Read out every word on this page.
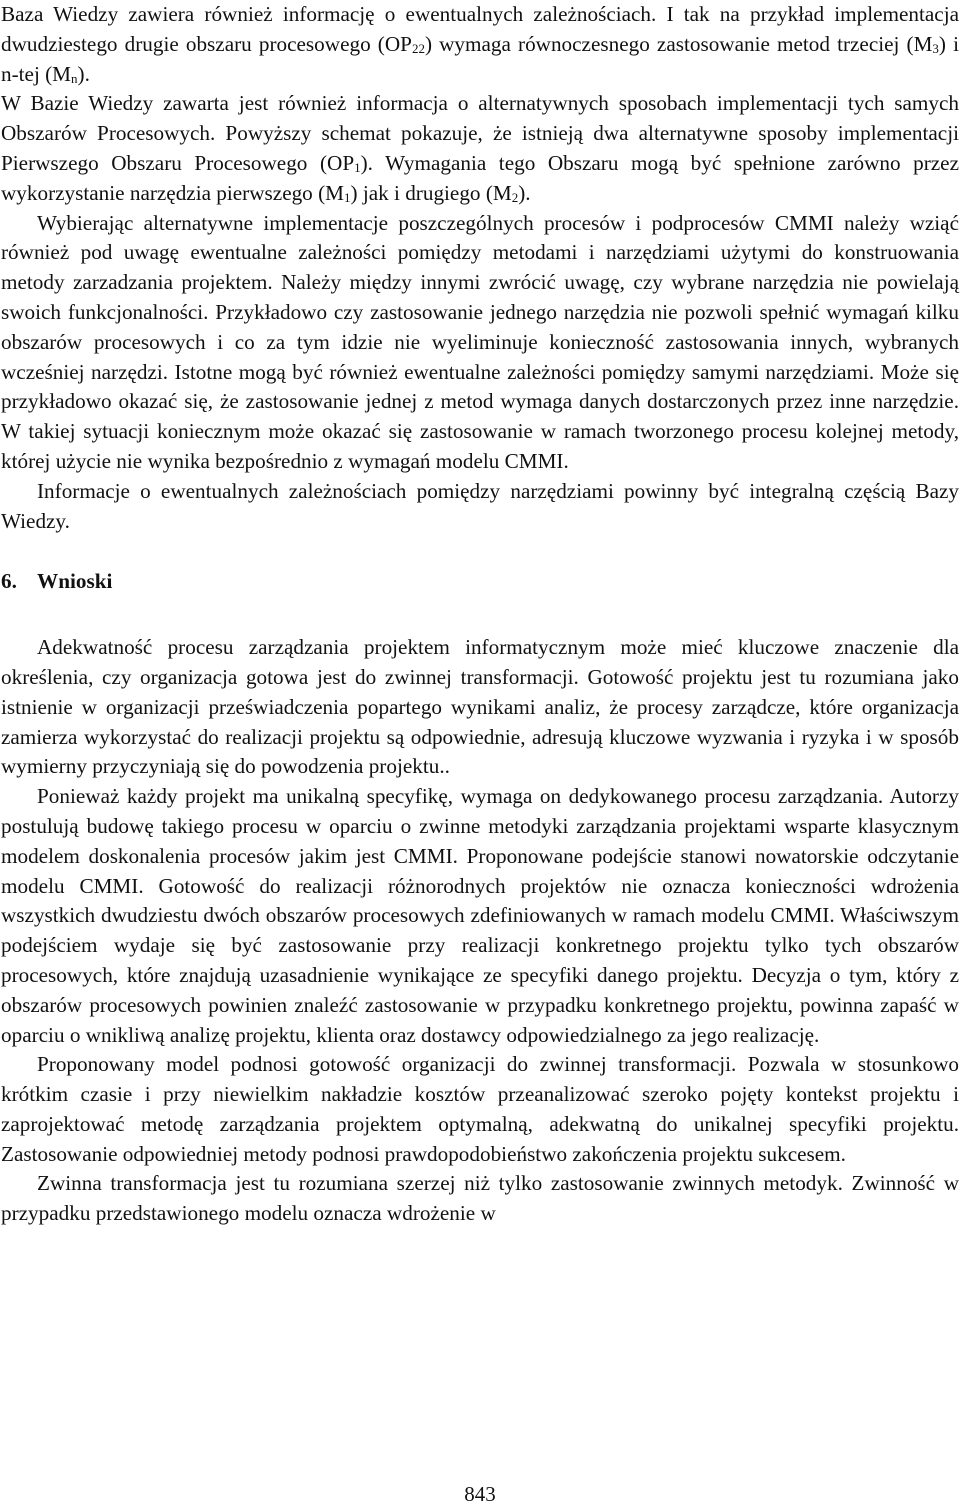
Baza Wiedzy zawiera również informację o ewentualnych zależnościach. I tak na przykład implementacja dwudziestego drugie obszaru procesowego $(OP_{22})$ wymaga równoczesnego zastosowanie metod trzeciej $(M_3)$ i n-tej $(M_n)$.

W Bazie Wiedzy zawarta jest również informacja o alternatywnych sposobach implementacji tych samych Obszarów Procesowych. Powyższy schemat pokazuje, że istnieją dwa alternatywne sposoby implementacji Pierwszego Obszaru Procesowego $(OP_1)$. Wymagania tego Obszaru mogą być spełnione zarówno przez wykorzystanie narzędzia pierwszego $(M_1)$ jak i drugiego $(M_2)$.

Wybierając alternatywne implementacje poszczególnych procesów i podprocesów CMMI należy wziąć również pod uwagę ewentualne zależności pomiędzy metodami i narzędziami użytymi do konstruowania metody zarzadzania projektem. Należy między innymi zwrócić uwagę, czy wybrane narzędzia nie powielają swoich funkcjonalności. Przykładowo czy zastosowanie jednego narzędzia nie pozwoli spełnić wymagań kilku obszarów procesowych i co za tym idzie nie wyeliminuje konieczność zastosowania innych, wybranych wcześniej narzędzi. Istotne mogą być również ewentualne zależności pomiędzy samymi narzędziami. Może się przykładowo okazać się, że zastosowanie jednej z metod wymaga danych dostarczonych przez inne narzędzie. W takiej sytuacji koniecznym może okazać się zastosowanie w ramach tworzonego procesu kolejnej metody, której użycie nie wynika bezpośrednio z wymagań modelu CMMI.

Informacje o ewentualnych zależnościach pomiędzy narzędziami powinny być integralną częścią Bazy Wiedzy.

6. Wnioski

Adekwatność procesu zarządzania projektem informatycznym może mieć kluczowe znaczenie dla określenia, czy organizacja gotowa jest do zwinnej transformacji. Gotowość projektu jest tu rozumiana jako istnienie w organizacji przeświadczenia popartego wynikami analiz, że procesy zarządcze, które organizacja zamierza wykorzystać do realizacji projektu są odpowiednie, adresują kluczowe wyzwania i ryzyka i w sposób wymierny przyczyniają się do powodzenia projektu..

Ponieważ każdy projekt ma unikalną specyfikę, wymaga on dedykowanego procesu zarządzania. Autorzy postulują budowę takiego procesu w oparciu o zwinne metodyki zarządzania projektami wsparte klasycznym modelem doskonalenia procesów jakim jest CMMI. Proponowane podejście stanowi nowatorskie odczytanie modelu CMMI. Gotowość do realizacji różnorodnych projektów nie oznacza konieczności wdrożenia wszystkich dwudziestu dwóch obszarów procesowych zdefiniowanych w ramach modelu CMMI. Właściwszym podejściem wydaje się być zastosowanie przy realizacji konkretnego projektu tylko tych obszarów procesowych, które znajdują uzasadnienie wynikające ze specyfiki danego projektu. Decyzja o tym, który z obszarów procesowych powinien znaleźć zastosowanie w przypadku konkretnego projektu, powinna zapaść w oparciu o wnikliwą analizę projektu, klienta oraz dostawcy odpowiedzialnego za jego realizację.

Proponowany model podnosi gotowość organizacji do zwinnej transformacji. Pozwala w stosunkowo krótkim czasie i przy niewielkim nakładzie kosztów przeanalizować szeroko pojęty kontekst projektu i zaprojektować metodę zarządzania projektem optymalną, adekwatną do unikalnej specyfiki projektu. Zastosowanie odpowiedniej metody podnosi prawdopodobieństwo zakończenia projektu sukcesem.

Zwinna transformacja jest tu rozumiana szerzej niż tylko zastosowanie zwinnych metodyk. Zwinność w przypadku przedstawionego modelu oznacza wdrożenie w

843
